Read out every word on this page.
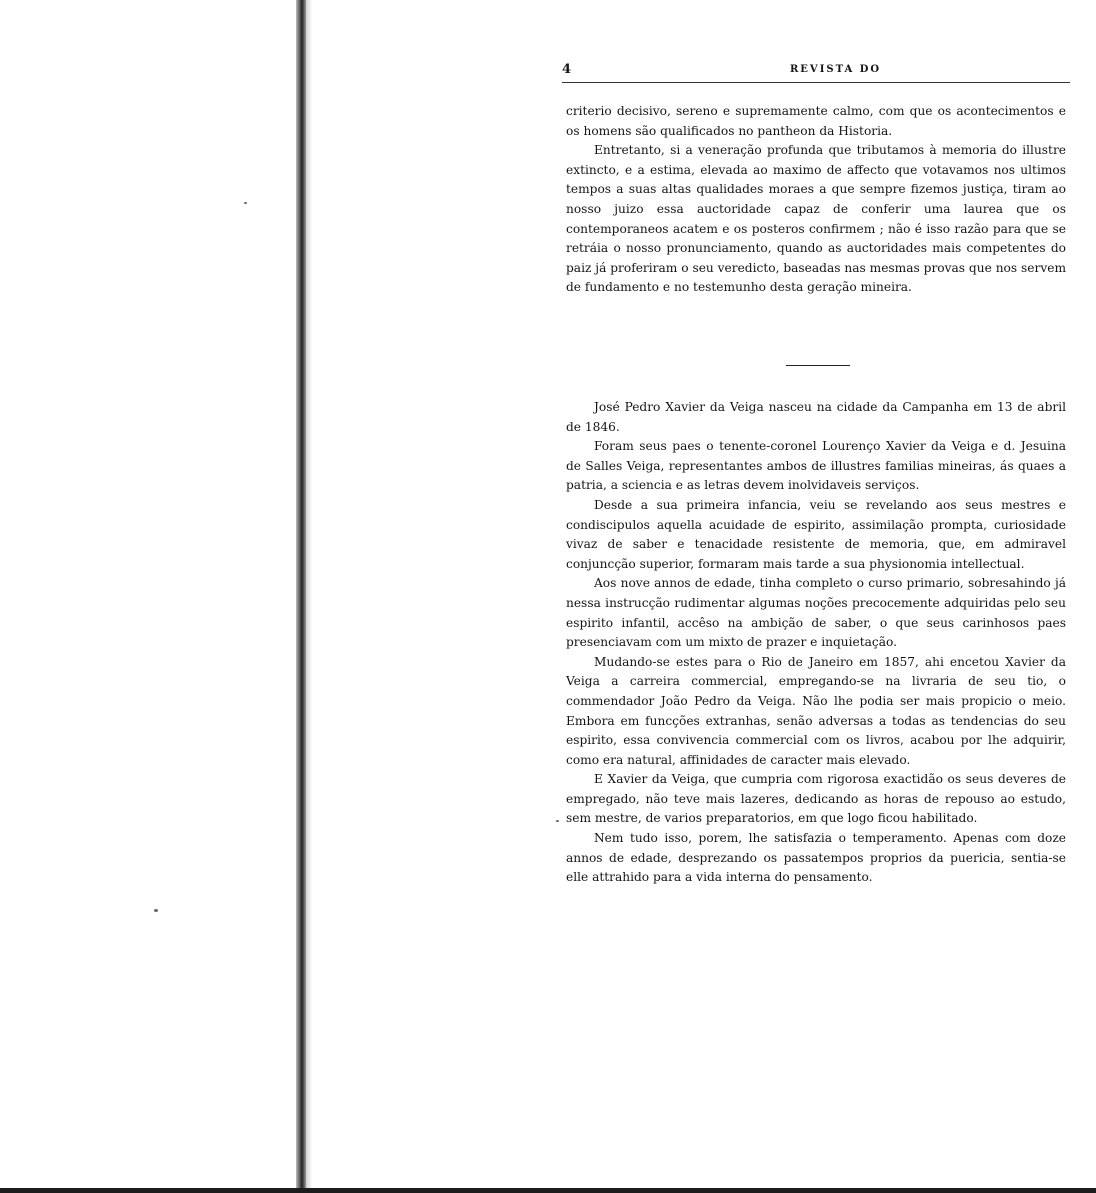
4	REVISTA DO

criterio decisivo, sereno e supremamente calmo, com que os acontecimentos e os homens são qualificados no pantheon da Historia.

Entretanto, si a veneração profunda que tributamos à memoria do illustre extincto, e a estima, elevada ao maximo de affecto que votavamos nos ultimos tempos a suas altas qualidades moraes a que sempre fizemos justiça, tiram ao nosso juizo essa auctoridade capaz de conferir uma laurea que os contemporaneos acatem e os posteros confirmem ; não é isso razão para que se retráia o nosso pronunciamento, quando as auctoridades mais competentes do paiz já proferiram o seu veredicto, baseadas nas mesmas provas que nos servem de fundamento e no testemunho desta geração mineira.

José Pedro Xavier da Veiga nasceu na cidade da Campanha em 13 de abril de 1846.

Foram seus paes o tenente-coronel Lourenço Xavier da Veiga e d. Jesuina de Salles Veiga, representantes ambos de illustres familias mineiras, ás quaes a patria, a sciencia e as letras devem inolvidaveis serviços.

Desde a sua primeira infancia, veiu se revelando aos seus mestres e condiscipulos aquella acuidade de espirito, assimilação prompta, curiosidade vivaz de saber e tenacidade resistente de memoria, que, em admiravel conjuncção superior, formaram mais tarde a sua physionomia intellectual.

Aos nove annos de edade, tinha completo o curso primario, sobresahindo já nessa instrucção rudimentar algumas noções precocemente adquiridas pelo seu espirito infantil, accêso na ambição de saber, o que seus carinhosos paes presenciavam com um mixto de prazer e inquietação.

Mudando-se estes para o Rio de Janeiro em 1857, ahi encetou Xavier da Veiga a carreira commercial, empregando-se na livraria de seu tio, o commendador João Pedro da Veiga. Não lhe podia ser mais propicio o meio. Embora em funcções extranhas, senão adversas a todas as tendencias do seu espirito, essa convivencia commercial com os livros, acabou por lhe adquirir, como era natural, affinidades de caracter mais elevado.

E Xavier da Veiga, que cumpria com rigorosa exactidão os seus deveres de empregado, não teve mais lazeres, dedicando as horas de repouso ao estudo, sem mestre, de varios preparatorios, em que logo ficou habilitado.

Nem tudo isso, porem, lhe satisfazia o temperamento. Apenas com doze annos de edade, desprezando os passatempos proprios da puericia, sentia-se elle attrahido para a vida interna do pensamento.
